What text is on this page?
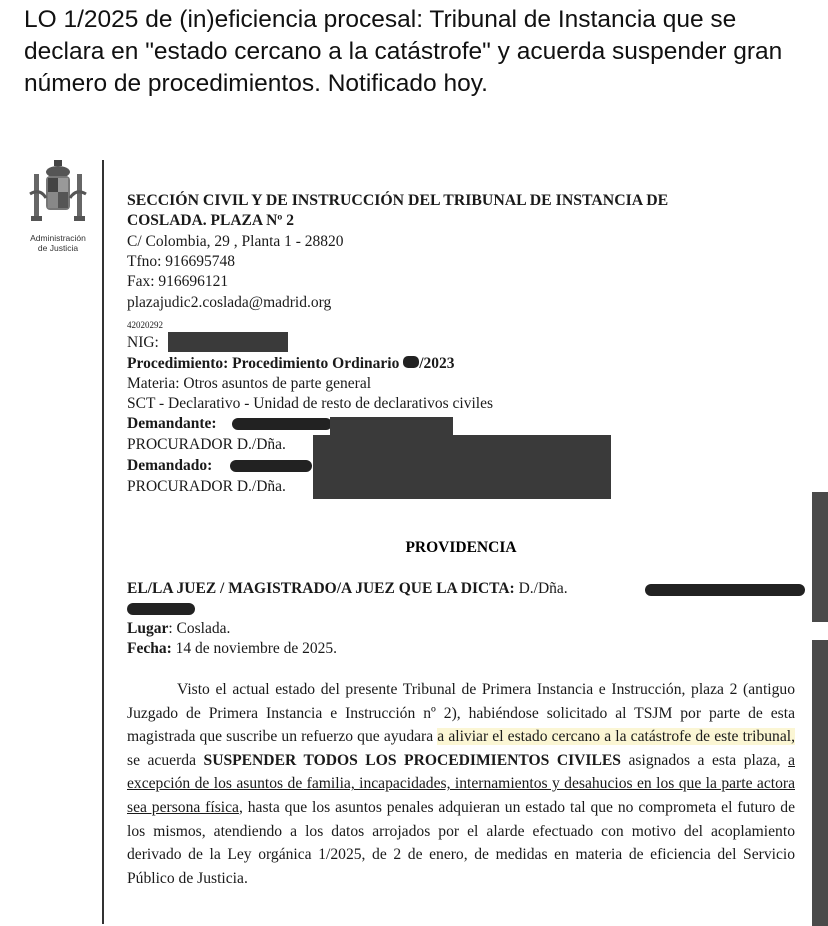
LO 1/2025 de (in)eficiencia procesal: Tribunal de Instancia que se declara en "estado cercano a la catástrofe" y acuerda suspender gran número de procedimientos. Notificado hoy.
Administración
de Justicia
SECCIÓN CIVIL Y DE INSTRUCCIÓN DEL TRIBUNAL DE INSTANCIA DE
COSLADA. PLAZA Nº 2
C/ Colombia, 29 , Planta 1 - 28820
Tfno: 916695748
Fax: 916696121
plazajudic2.coslada@madrid.org
42020292
NIG:
Procedimiento: Procedimiento Ordinario /2023
Materia: Otros asuntos de parte general
SCT - Declarativo - Unidad de resto de declarativos civiles
Demandante:
PROCURADOR D./Dña.
Demandado:
PROCURADOR D./Dña.
PROVIDENCIA
EL/LA JUEZ / MAGISTRADO/A JUEZ QUE LA DICTA: D./Dña.
Lugar: Coslada.
Fecha: 14 de noviembre de 2025.
Visto el actual estado del presente Tribunal de Primera Instancia e Instrucción, plaza 2 (antiguo Juzgado de Primera Instancia e Instrucción nº 2), habiéndose solicitado al TSJM por parte de esta magistrada que suscribe un refuerzo que ayudara a aliviar el estado cercano a la catástrofe de este tribunal, se acuerda SUSPENDER TODOS LOS PROCEDIMIENTOS CIVILES asignados a esta plaza, a excepción de los asuntos de familia, incapacidades, internamientos y desahucios en los que la parte actora sea persona física, hasta que los asuntos penales adquieran un estado tal que no comprometa el futuro de los mismos, atendiendo a los datos arrojados por el alarde efectuado con motivo del acoplamiento derivado de la Ley orgánica 1/2025, de 2 de enero, de medidas en materia de eficiencia del Servicio Público de Justicia.
